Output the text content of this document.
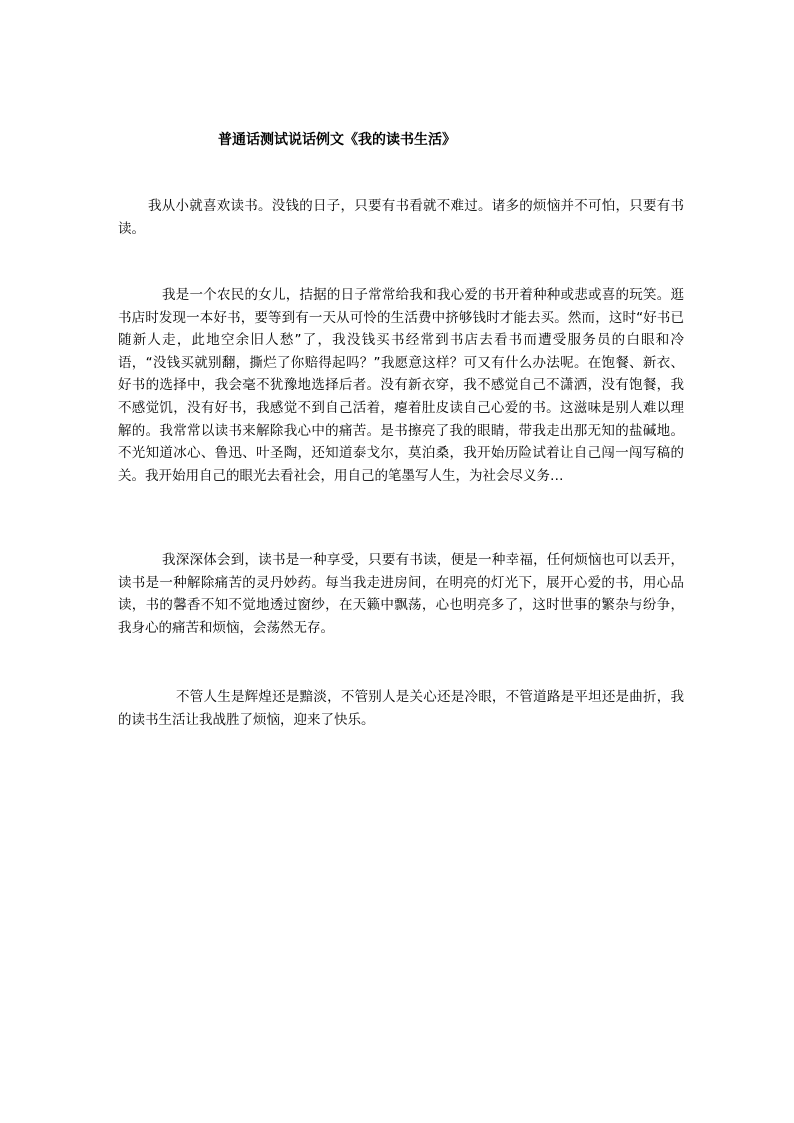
普通话测试说话例文《我的读书生活》

我从小就喜欢读书。没钱的日子，只要有书看就不难过。诸多的烦恼并不可怕，只要有书读。

我是一个农民的女儿，拮据的日子常常给我和我心爱的书开着种种或悲或喜的玩笑。逛书店时发现一本好书，要等到有一天从可怜的生活费中挤够钱时才能去买。然而，这时“好书已随新人走，此地空余旧人愁”了，我没钱买书经常到书店去看书而遭受服务员的白眼和冷语，“没钱买就别翻，撕烂了你赔得起吗？”我愿意这样？可又有什么办法呢。在饱餐、新衣、好书的选择中，我会毫不犹豫地选择后者。没有新衣穿，我不感觉自己不潇洒，没有饱餐，我不感觉饥，没有好书，我感觉不到自己活着，瘪着肚皮读自己心爱的书。这滋味是别人难以理解的。我常常以读书来解除我心中的痛苦。是书擦亮了我的眼睛，带我走出那无知的盐碱地。不光知道冰心、鲁迅、叶圣陶，还知道泰戈尔，莫泊桑，我开始历险试着让自己闯一闯写稿的关。我开始用自己的眼光去看社会，用自己的笔墨写人生，为社会尽义务…

我深深体会到，读书是一种享受，只要有书读，便是一种幸福，任何烦恼也可以丢开，读书是一种解除痛苦的灵丹妙药。每当我走进房间，在明亮的灯光下，展开心爱的书，用心品读，书的馨香不知不觉地透过窗纱，在天籁中飘荡，心也明亮多了，这时世事的繁杂与纷争，我身心的痛苦和烦恼，会荡然无存。

不管人生是辉煌还是黯淡，不管别人是关心还是冷眼，不管道路是平坦还是曲折，我的读书生活让我战胜了烦恼，迎来了快乐。
